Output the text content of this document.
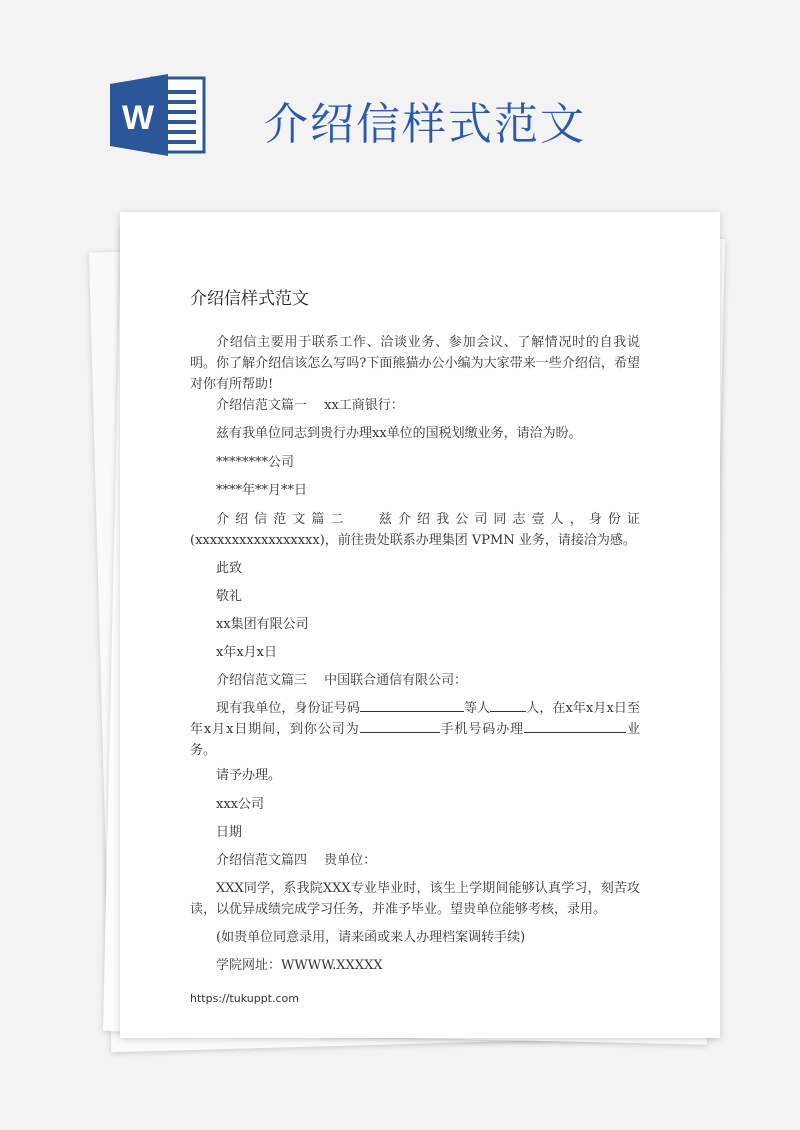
W 介绍信样式范文
介绍信样式范文
介绍信主要用于联系工作、洽谈业务、参加会议、了解情况时的自我说明。你了解介绍信该怎么写吗?下面熊猫办公小编为大家带来一些介绍信，希望对你有所帮助!
介绍信范文篇一　 xx工商银行：
兹有我单位同志到贵行办理xx单位的国税划缴业务，请洽为盼。
********公司
****年**月**日
介绍信范文篇二　 兹介绍我公司同志壹人，身份证(xxxxxxxxxxxxxxxxx)，前往贵处联系办理集团 VPMN 业务，请接洽为感。
此致
敬礼
xx集团有限公司
x年x月x日
介绍信范文篇三　 中国联合通信有限公司：
现有我单位，身份证号码	等人	人，在x年x月x日至年x月x日期间，到你公司为	手机号码办理	业务。
请予办理。
xxx公司
日期
介绍信范文篇四　 贵单位：
XXX同学，系我院XXX专业毕业时，该生上学期间能够认真学习，刻苦攻读，以优异成绩完成学习任务，并准予毕业。望贵单位能够考核，录用。
(如贵单位同意录用，请来函或来人办理档案调转手续)
学院网址：WWWW.XXXXX
https://tukuppt.com
